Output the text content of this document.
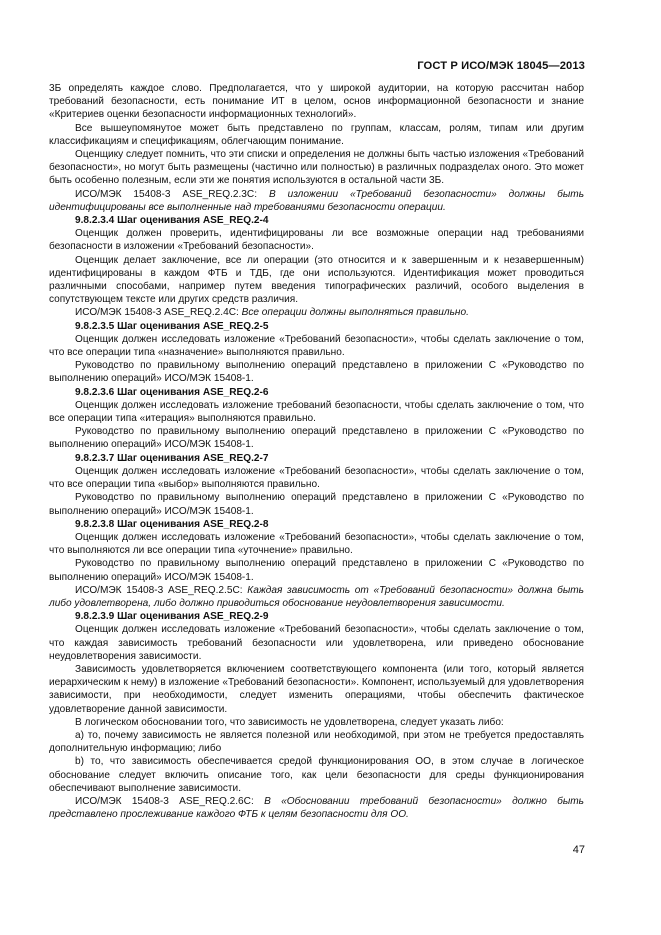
ГОСТ Р ИСО/МЭК 18045—2013

3Б определять каждое слово. Предполагается, что у широкой аудитории, на которую рассчитан набор требований безопасности, есть понимание ИТ в целом, основ информационной безопасности и знание «Критериев оценки безопасности информационных технологий».

Все вышеупомянутое может быть представлено по группам, классам, ролям, типам или другим классификациям и спецификациям, облегчающим понимание.

Оценщику следует помнить, что эти списки и определения не должны быть частью изложения «Требований безопасности», но могут быть размещены (частично или полностью) в различных подразделах оного. Это может быть особенно полезным, если эти же понятия используются в остальной части 3Б.

ИСО/МЭК 15408-3 ASE_REQ.2.3C: В изложении «Требований безопасности» должны быть идентифицированы все выполненные над требованиями безопасности операции.

9.8.2.3.4 Шаг оценивания ASE_REQ.2-4

Оценщик должен проверить, идентифицированы ли все возможные операции над требованиями безопасности в изложении «Требований безопасности».

Оценщик делает заключение, все ли операции (это относится и к завершенным и к незавершенным) идентифицированы в каждом ФТБ и ТДБ, где они используются. Идентификация может проводиться различными способами, например путем введения типографических различий, особого выделения в сопутствующем тексте или других средств различия.

ИСО/МЭК 15408-3 ASE_REQ.2.4C: Все операции должны выполняться правильно.

9.8.2.3.5 Шаг оценивания ASE_REQ.2-5

Оценщик должен исследовать изложение «Требований безопасности», чтобы сделать заключение о том, что все операции типа «назначение» выполняются правильно.

Руководство по правильному выполнению операций представлено в приложении С «Руководство по выполнению операций» ИСО/МЭК 15408-1.

9.8.2.3.6 Шаг оценивания ASE_REQ.2-6

Оценщик должен исследовать изложение требований безопасности, чтобы сделать заключение о том, что все операции типа «итерация» выполняются правильно.

Руководство по правильному выполнению операций представлено в приложении С «Руководство по выполнению операций» ИСО/МЭК 15408-1.

9.8.2.3.7 Шаг оценивания ASE_REQ.2-7

Оценщик должен исследовать изложение «Требований безопасности», чтобы сделать заключение о том, что все операции типа «выбор» выполняются правильно.

Руководство по правильному выполнению операций представлено в приложении С «Руководство по выполнению операций» ИСО/МЭК 15408-1.

9.8.2.3.8 Шаг оценивания ASE_REQ.2-8

Оценщик должен исследовать изложение «Требований безопасности», чтобы сделать заключение о том, что выполняются ли все операции типа «уточнение» правильно.

Руководство по правильному выполнению операций представлено в приложении С «Руководство по выполнению операций» ИСО/МЭК 15408-1.

ИСО/МЭК 15408-3 ASE_REQ.2.5C: Каждая зависимость от «Требований безопасности» должна быть либо удовлетворена, либо должно приводиться обоснование неудовлетворения зависимости.

9.8.2.3.9 Шаг оценивания ASE_REQ.2-9

Оценщик должен исследовать изложение «Требований безопасности», чтобы сделать заключение о том, что каждая зависимость требований безопасности или удовлетворена, или приведено обоснование неудовлетворения зависимости.

Зависимость удовлетворяется включением соответствующего компонента (или того, который является иерархическим к нему) в изложение «Требований безопасности». Компонент, используемый для удовлетворения зависимости, при необходимости, следует изменить операциями, чтобы обеспечить фактическое удовлетворение данной зависимости.

В логическом обосновании того, что зависимость не удовлетворена, следует указать либо:

a) то, почему зависимость не является полезной или необходимой, при этом не требуется предоставлять дополнительную информацию; либо

b) то, что зависимость обеспечивается средой функционирования ОО, в этом случае в логическое обоснование следует включить описание того, как цели безопасности для среды функционирования обеспечивают выполнение зависимости.

ИСО/МЭК 15408-3 ASE_REQ.2.6C: В «Обосновании требований безопасности» должно быть представлено прослеживание каждого ФТБ к целям безопасности для ОО.

47
